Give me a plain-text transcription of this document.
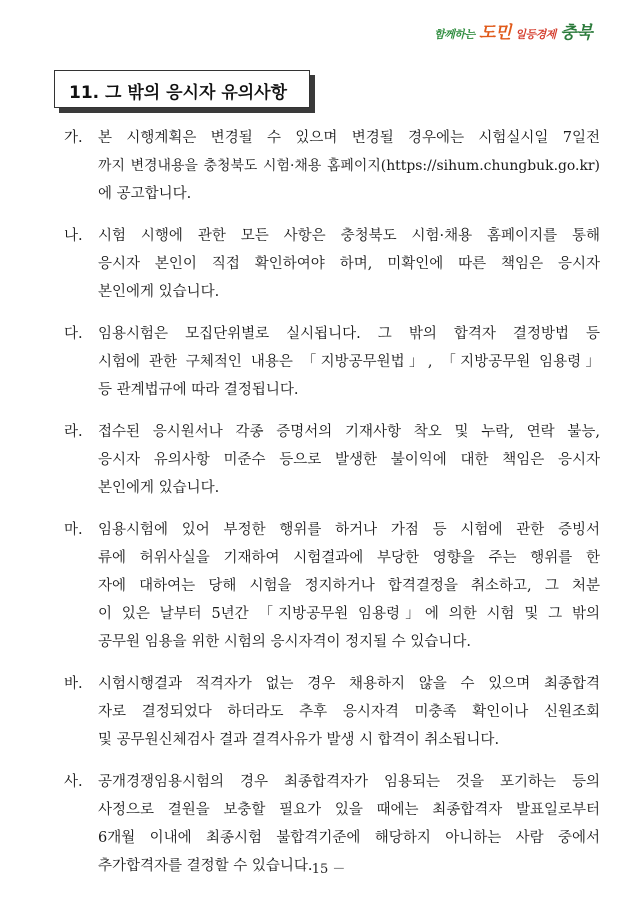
함께하는 도민 일등경제 충북
11. 그 밖의 응시자 유의사항
가.	본 시행계획은 변경될 수 있으며 변경될 경우에는 시험실시일 7일전
까지 변경내용을 충청북도 시험·채용 홈페이지(https://sihum.chungbuk.go.kr)
에 공고합니다.
나.	시험 시행에 관한 모든 사항은 충청북도 시험·채용 홈페이지를 통해
응시자 본인이 직접 확인하여야 하며, 미확인에 따른 책임은 응시자
본인에게 있습니다.
다.	임용시험은 모집단위별로 실시됩니다. 그 밖의 합격자 결정방법 등
시험에 관한 구체적인 내용은 「지방공무원법」, 「지방공무원 임용령」
등 관계법규에 따라 결정됩니다.
라.	접수된 응시원서나 각종 증명서의 기재사항 착오 및 누락, 연락 불능,
응시자 유의사항 미준수 등으로 발생한 불이익에 대한 책임은 응시자
본인에게 있습니다.
마.	임용시험에 있어 부정한 행위를 하거나 가점 등 시험에 관한 증빙서
류에 허위사실을 기재하여 시험결과에 부당한 영향을 주는 행위를 한
자에 대하여는 당해 시험을 정지하거나 합격결정을 취소하고, 그 처분
이 있은 날부터 5년간 「지방공무원 임용령」에 의한 시험 및 그 밖의
공무원 임용을 위한 시험의 응시자격이 정지될 수 있습니다.
바.	시험시행결과 적격자가 없는 경우 채용하지 않을 수 있으며 최종합격
자로 결정되었다 하더라도 추후 응시자격 미충족 확인이나 신원조회
및 공무원신체검사 결과 결격사유가 발생 시 합격이 취소됩니다.
사.	공개경쟁임용시험의 경우 최종합격자가 임용되는 것을 포기하는 등의
사정으로 결원을 보충할 필요가 있을 때에는 최종합격자 발표일로부터
6개월 이내에 최종시험 불합격기준에 해당하지 아니하는 사람 중에서
추가합격자를 결정할 수 있습니다.
－ 15 －
